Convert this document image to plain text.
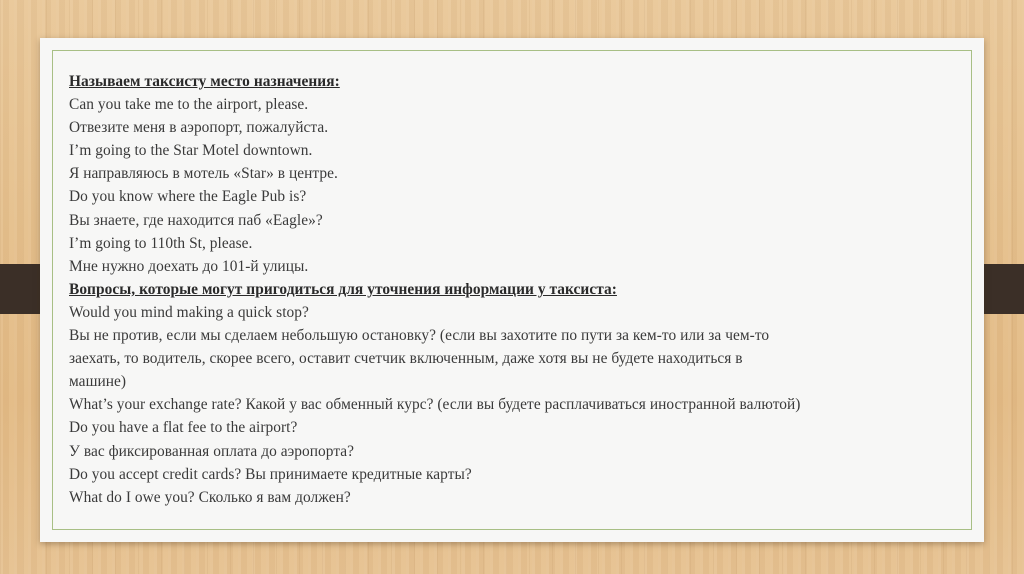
Называем таксисту место назначения:
Can you take me to the airport, please.
Отвезите меня в аэропорт, пожалуйста.
I’m going to the Star Motel downtown.
Я направляюсь в мотель «Star» в центре.
Do you know where the Eagle Pub is?
Вы знаете, где находится паб «Eagle»?
I’m going to 110th St, please.
Мне нужно доехать до 101-й улицы.
Вопросы, которые могут пригодиться для уточнения информации у таксиста:
Would you mind making a quick stop?
Вы не против, если мы сделаем небольшую остановку? (если вы захотите по пути за кем-то или за чем-то
заехать, то водитель, скорее всего, оставит счетчик включенным, даже хотя вы не будете находиться в
машине)
What’s your exchange rate? Какой у вас обменный курс? (если вы будете расплачиваться иностранной валютой)
Do you have a flat fee to the airport?
У вас фиксированная оплата до аэропорта?
Do you accept credit cards? Вы принимаете кредитные карты?
What do I owe you? Сколько я вам должен?
